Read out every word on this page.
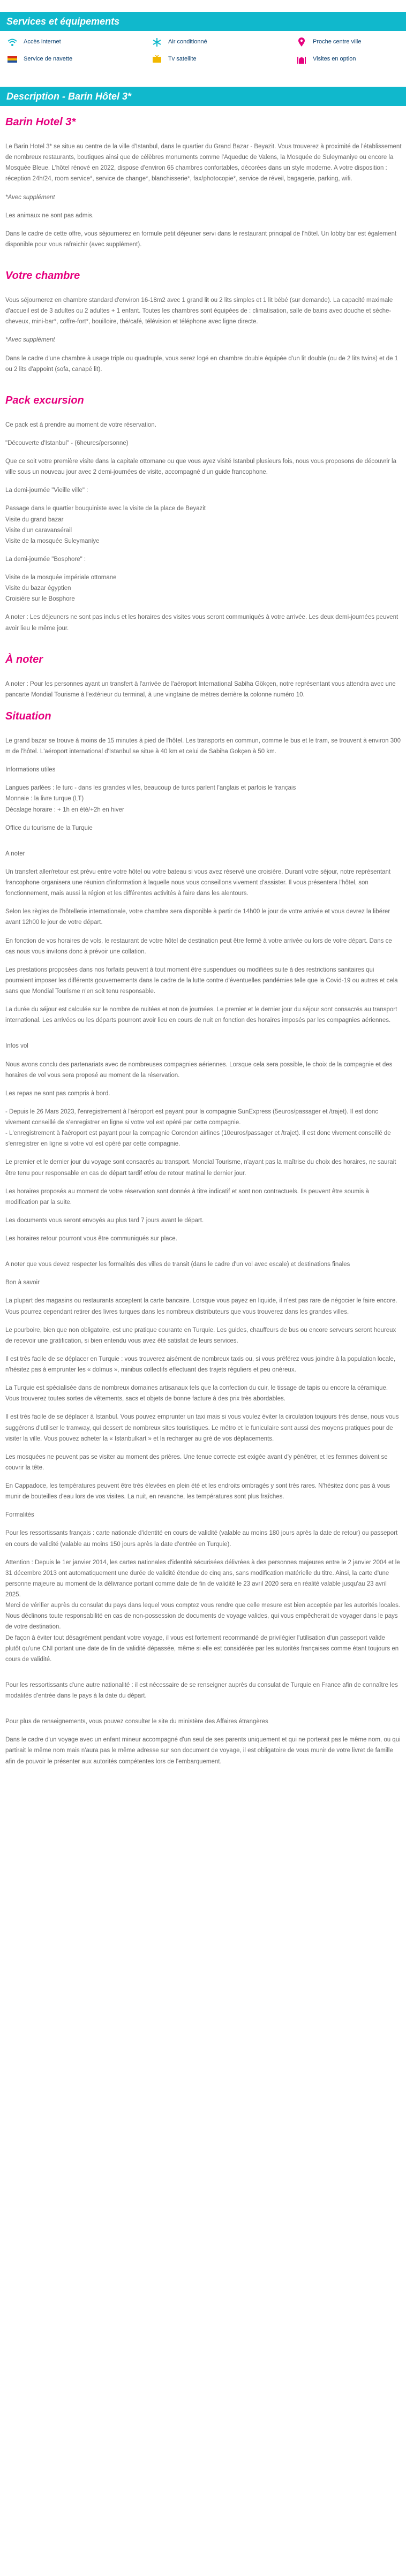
Services et équipements
Accès internet	Air conditionné	Proche centre ville
Service de navette	Tv satellite	Visites en option
Description - Barin Hôtel 3*
Barin Hotel 3*

Le Barin Hotel 3* se situe au centre de la ville d'Istanbul, dans le quartier du Grand Bazar - Beyazit. Vous trouverez à proximité de l'établissement de nombreux restaurants, boutiques ainsi que de célèbres monuments comme l'Aqueduc de Valens, la Mosquée de Suleymaniye ou encore la Mosquée Bleue. L'hôtel rénové en 2022, dispose d'environ 65 chambres confortables, décorées dans un style moderne. A votre disposition : réception 24h/24, room service*, service de change*, blanchisserie*, fax/photocopie*, service de réveil, bagagerie, parking, wifi.

*Avec supplément

Les animaux ne sont pas admis.

Dans le cadre de cette offre, vous séjournerez en formule petit déjeuner servi dans le restaurant principal de l'hôtel. Un lobby bar est également disponible pour vous rafraichir (avec supplément).

Votre chambre

Vous séjournerez en chambre standard d'environ 16-18m2 avec 1 grand lit ou 2 lits simples et 1 lit bébé (sur demande). La capacité maximale d'accueil est de 3 adultes ou 2 adultes + 1 enfant. Toutes les chambres sont équipées de : climatisation, salle de bains avec douche et sèche-cheveux, mini-bar*, coffre-fort*, bouilloire, thé/café, télévision et téléphone avec ligne directe.

*Avec supplément

Dans le cadre d'une chambre à usage triple ou quadruple, vous serez logé en chambre double équipée d'un lit double (ou de 2 lits twins) et de 1 ou 2 lits d'appoint (sofa, canapé lit).

Pack excursion

Ce pack est à prendre au moment de votre réservation.

"Découverte d'Istanbul" - (6heures/personne)

Que ce soit votre première visite dans la capitale ottomane ou que vous ayez visité Istanbul plusieurs fois, nous vous proposons de découvrir la ville sous un nouveau jour avec 2 demi-journées de visite, accompagné d'un guide francophone.

La demi-journée "Vieille ville" :

Passage dans le quartier bouquiniste avec la visite de la place de Beyazit

Visite du grand bazar

Visite d'un caravansérail

Visite de la mosquée Suleymaniye

La demi-journée "Bosphore" :

Visite de la mosquée impériale ottomane

Visite du bazar égyptien

Croisière sur le Bosphore

A noter : Les déjeuners ne sont pas inclus et les horaires des visites vous seront communiqués à votre arrivée. Les deux demi-journées peuvent avoir lieu le même jour.

À noter

A noter : Pour les personnes ayant un transfert à l'arrivée de l'aéroport International Sabiha Gökçen, notre représentant vous attendra avec une pancarte Mondial Tourisme à l'extérieur du terminal, à une vingtaine de mètres derrière la colonne numéro 10.

Situation

Le grand bazar se trouve à moins de 15 minutes à pied de l'hôtel. Les transports en commun, comme le bus et le tram, se trouvent à environ 300 m de l'hôtel. L'aéroport international d'Istanbul se situe à 40 km et celui de Sabiha Gokçen à 50 km.

Informations utiles

Langues parlées : le turc - dans les grandes villes, beaucoup de turcs parlent l'anglais et parfois le français

Monnaie : la livre turque (LT)

Décalage horaire : + 1h en été/+2h en hiver

Office du tourisme de la Turquie

A noter

Un transfert aller/retour est prévu entre votre hôtel ou votre bateau si vous avez réservé une croisière. Durant votre séjour, notre représentant francophone organisera une réunion d'information à laquelle nous vous conseillons vivement d'assister. Il vous présentera l'hôtel, son fonctionnement, mais aussi la région et les différentes activités à faire dans les alentours.

Selon les règles de l'hôtellerie internationale, votre chambre sera disponible à partir de 14h00 le jour de votre arrivée et vous devrez la libérer avant 12h00 le jour de votre départ.

En fonction de vos horaires de vols, le restaurant de votre hôtel de destination peut être fermé à votre arrivée ou lors de votre départ. Dans ce cas nous vous invitons donc à prévoir une collation.

Les prestations proposées dans nos forfaits peuvent à tout moment être suspendues ou modifiées suite à des restrictions sanitaires qui pourraient imposer les différents gouvernements dans le cadre de la lutte contre d'éventuelles pandémies telle que la Covid-19 ou autres et cela sans que Mondial Tourisme n'en soit tenu responsable.

La durée du séjour est calculée sur le nombre de nuitées et non de journées. Le premier et le dernier jour du séjour sont consacrés au transport international. Les arrivées ou les départs pourront avoir lieu en cours de nuit en fonction des horaires imposés par les compagnies aériennes.

Infos vol

Nous avons conclu des partenariats avec de nombreuses compagnies aériennes. Lorsque cela sera possible, le choix de la compagnie et des horaires de vol vous sera proposé au moment de la réservation.

Les repas ne sont pas compris à bord.

- Depuis le 26 Mars 2023, l'enregistrement à l'aéroport est payant pour la compagnie SunExpress (5euros/passager et /trajet). Il est donc vivement conseillé de s'enregistrer en ligne si votre vol est opéré par cette compagnie.
- L'enregistrement à l'aéroport est payant pour la compagnie Corendon airlines (10euros/passager et /trajet). Il est donc vivement conseillé de s'enregistrer en ligne si votre vol est opéré par cette compagnie.

Le premier et le dernier jour du voyage sont consacrés au transport. Mondial Tourisme, n'ayant pas la maîtrise du choix des horaires, ne saurait être tenu pour responsable en cas de départ tardif et/ou de retour matinal le dernier jour.

Les horaires proposés au moment de votre réservation sont donnés à titre indicatif et sont non contractuels. Ils peuvent être soumis à modification par la suite.

Les documents vous seront envoyés au plus tard 7 jours avant le départ.

Les horaires retour pourront vous être communiqués sur place.

A noter que vous devez respecter les formalités des villes de transit (dans le cadre d'un vol avec escale) et destinations finales

Bon à savoir

La plupart des magasins ou restaurants acceptent la carte bancaire. Lorsque vous payez en liquide, il n'est pas rare de négocier le faire encore. Vous pourrez cependant retirer des livres turques dans les nombreux distributeurs que vous trouverez dans les grandes villes.

Le pourboire, bien que non obligatoire, est une pratique courante en Turquie. Les guides, chauffeurs de bus ou encore serveurs seront heureux de recevoir une gratification, si bien entendu vous avez été satisfait de leurs services.

Il est très facile de se déplacer en Turquie : vous trouverez aisément de nombreux taxis ou, si vous préférez vous joindre à la population locale, n'hésitez pas à emprunter les « dolmus », minibus collectifs effectuant des trajets réguliers et peu onéreux.

La Turquie est spécialisée dans de nombreux domaines artisanaux tels que la confection du cuir, le tissage de tapis ou encore la céramique. Vous trouverez toutes sortes de vêtements, sacs et objets de bonne facture à des prix très abordables.

Il est très facile de se déplacer à Istanbul. Vous pouvez emprunter un taxi mais si vous voulez éviter la circulation toujours très dense, nous vous suggérons d'utiliser le tramway, qui dessert de nombreux sites touristiques. Le métro et le funiculaire sont aussi des moyens pratiques pour de visiter la ville. Vous pouvez acheter la « Istanbulkart » et la recharger au gré de vos déplacements.

Les mosquées ne peuvent pas se visiter au moment des prières. Une tenue correcte est exigée avant d'y pénétrer, et les femmes doivent se couvrir la tête.

En Cappadoce, les températures peuvent être très élevées en plein été et les endroits ombragés y sont très rares. N'hésitez donc pas à vous munir de bouteilles d'eau lors de vos visites. La nuit, en revanche, les températures sont plus fraîches.

Formalités

Pour les ressortissants français : carte nationale d'identité en cours de validité (valable au moins 180 jours après la date de retour) ou passeport en cours de validité (valable au moins 150 jours après la date d'entrée en Turquie).

Attention : Depuis le 1er janvier 2014, les cartes nationales d'identité sécurisées délivrées à des personnes majeures entre le 2 janvier 2004 et le 31 décembre 2013 ont automatiquement une durée de validité étendue de cinq ans, sans modification matérielle du titre. Ainsi, la carte d'une personne majeure au moment de la délivrance portant comme date de fin de validité le 23 avril 2020 sera en réalité valable jusqu'au 23 avril 2025.
Merci de vérifier auprès du consulat du pays dans lequel vous comptez vous rendre que celle mesure est bien acceptée par les autorités locales.
Nous déclinons toute responsabilité en cas de non-possession de documents de voyage valides, qui vous empêcherait de voyager dans le pays de votre destination.
De façon à éviter tout désagrément pendant votre voyage, il vous est fortement recommandé de privilégier l'utilisation d'un passeport valide plutôt qu'une CNI portant une date de fin de validité dépassée, même si elle est considérée par les autorités françaises comme étant toujours en cours de validité.

Pour les ressortissants d'une autre nationalité : il est nécessaire de se renseigner auprès du consulat de Turquie en France afin de connaître les modalités d'entrée dans le pays à la date du départ.

Pour plus de renseignements, vous pouvez consulter le site du ministère des Affaires étrangères

Dans le cadre d'un voyage avec un enfant mineur accompagné d'un seul de ses parents uniquement et qui ne porterait pas le même nom, ou qui partirait le même nom mais n'aura pas le même adresse sur son document de voyage, il est obligatoire de vous munir de votre livret de famille afin de pouvoir le présenter aux autorités compétentes lors de l'embarquement.
